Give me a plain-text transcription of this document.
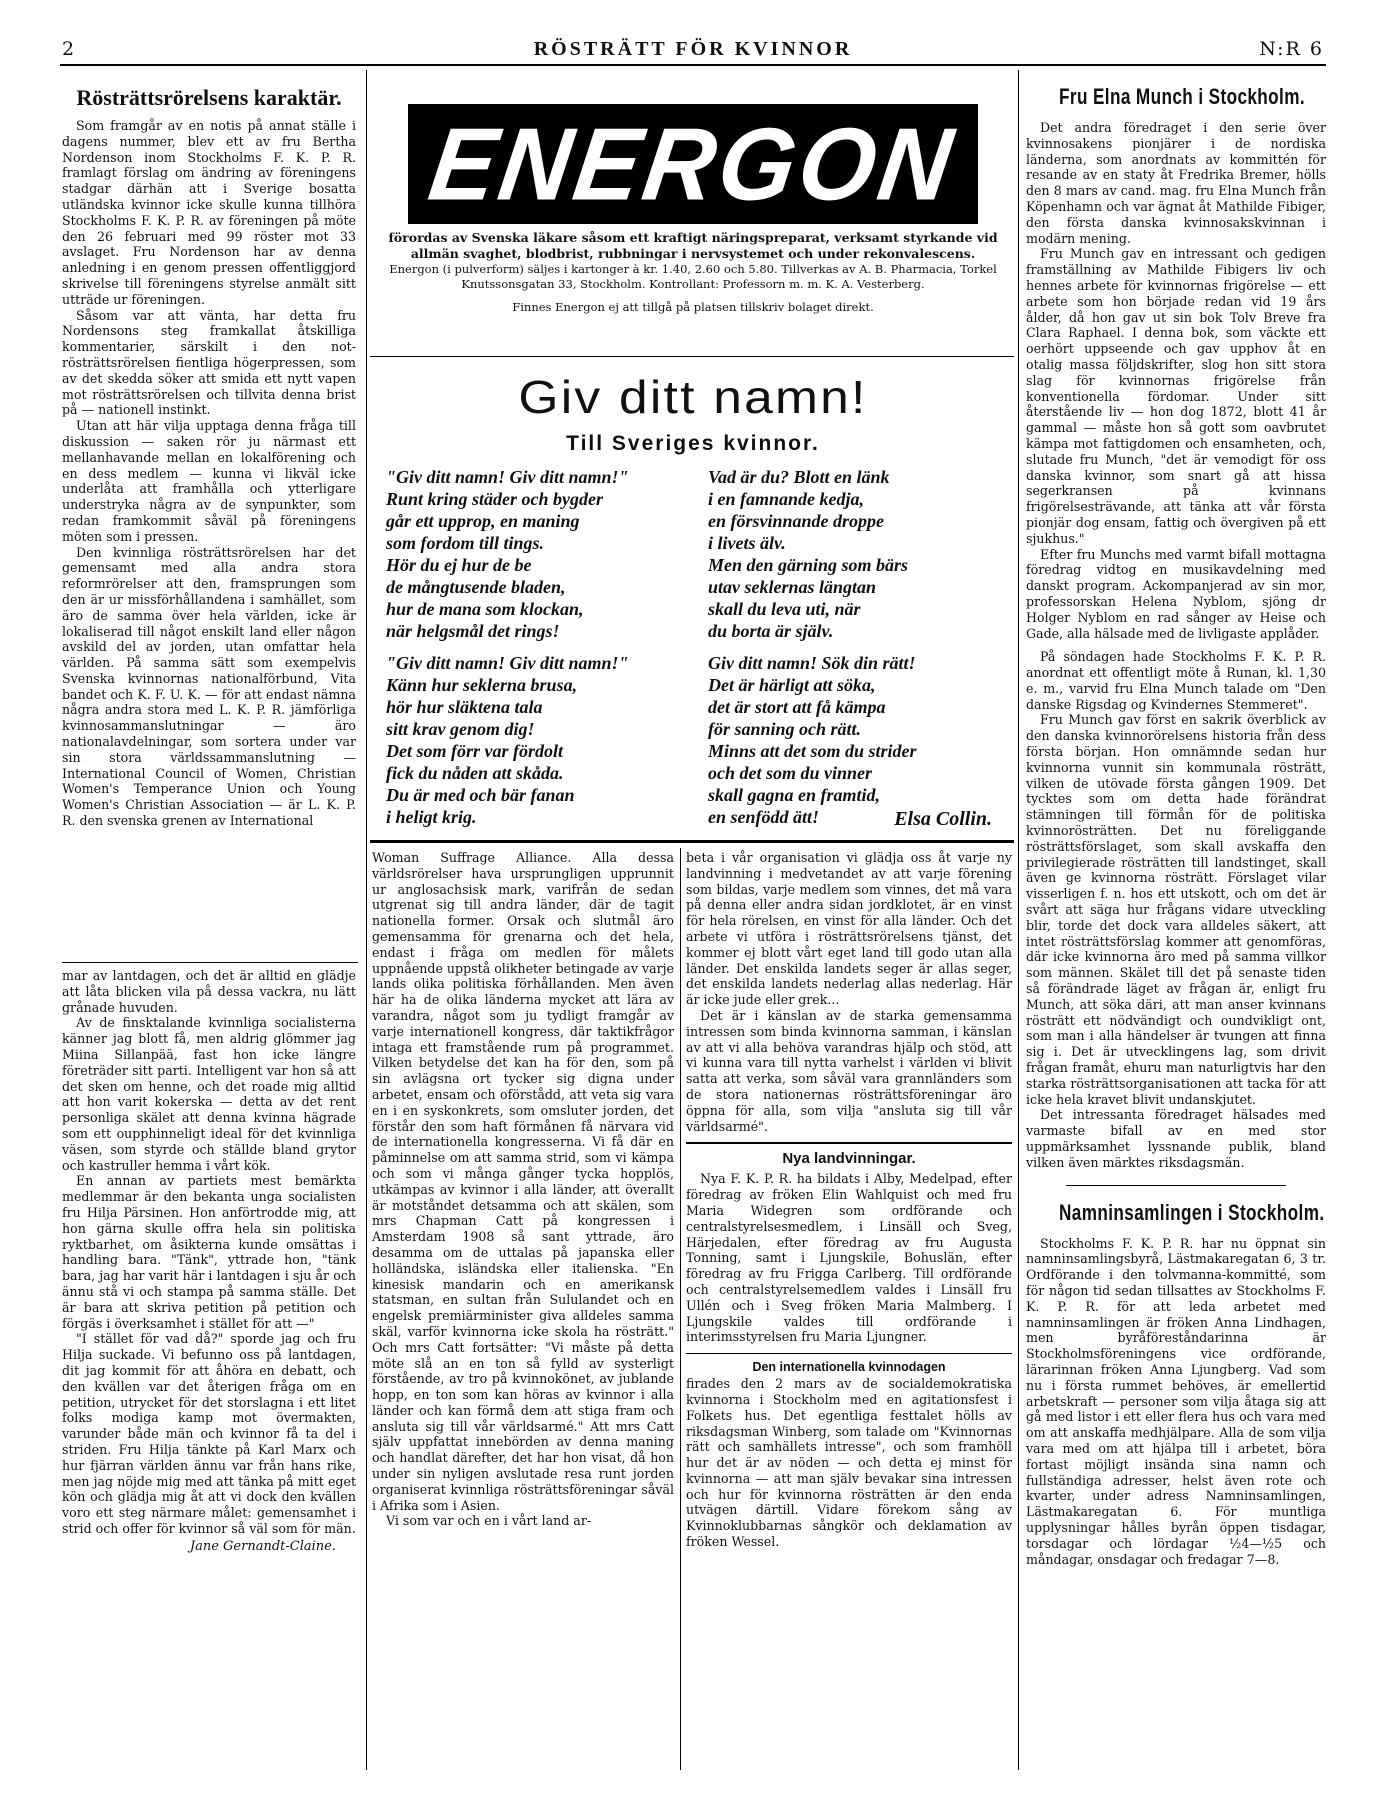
2	RÖSTRÄTT FÖR KVINNOR	N:R 6
Rösträttsrörelsens karaktär.

Som framgår av en notis på annat ställe i dagens nummer, blev ett av fru Bertha Nordenson inom Stockholms F. K. P. R. framlagt förslag om ändring av föreningens stadgar därhän att i Sverige bosatta utländska kvinnor icke skulle kunna tillhöra Stockholms F. K. P. R. av föreningen på möte den 26 februari med 99 röster mot 33 avslaget. Fru Nordenson har av denna anledning i en genom pressen offentliggjord skrivelse till föreningens styrelse anmält sitt utträde ur föreningen.

Såsom var att vänta, har detta fru Nordensons steg framkallat åtskilliga kommentarier, särskilt i den not-rösträttsrörelsen fientliga högerpressen, som av det skedda söker att smida ett nytt vapen mot rösträttsrörelsen och tillvita denna brist på — nationell instinkt.

Utan att här vilja upptaga denna fråga till diskussion — saken rör ju närmast ett mellanhavande mellan en lokalförening och en dess medlem — kunna vi likväl icke underlåta att framhålla och ytterligare understryka några av de synpunkter, som redan framkommit såväl på föreningens möten som i pressen.

Den kvinnliga rösträttsrörelsen har det gemensamt med alla andra stora reformrörelser att den, framsprungen som den är ur missförhållandena i samhället, som äro de samma över hela världen, icke är lokaliserad till något enskilt land eller någon avskild del av jorden, utan omfattar hela världen. På samma sätt som exempelvis Svenska kvinnornas nationalförbund, Vita bandet och K. F. U. K. — för att endast nämna några andra stora med L. K. P. R. jämförliga kvinnosammanslutningar — äro nationalavdelningar, som sortera under var sin stora världssammanslutning — International Council of Women, Christian Women's Temperance Union och Young Women's Christian Association — är L. K. P. R. den svenska grenen av International

mar av lantdagen, och det är alltid en glädje att låta blicken vila på dessa vackra, nu lätt grånade huvuden.

Av de finsktalande kvinnliga socialisterna känner jag blott få, men aldrig glömmer jag Miina Sillanpää, fast hon icke längre företräder sitt parti. Intelligent var hon så att det sken om henne, och det roade mig alltid att hon varit kokerska — detta av det rent personliga skälet att denna kvinna hägrade som ett oupphinneligt ideal för det kvinnliga väsen, som styrde och ställde bland grytor och kastruller hemma i vårt kök.

En annan av partiets mest bemärkta medlemmar är den bekanta unga socialisten fru Hilja Pärsinen. Hon anförtrodde mig, att hon gärna skulle offra hela sin politiska ryktbarhet, om åsikterna kunde omsättas i handling bara. "Tänk", yttrade hon, "tänk bara, jag har varit här i lantdagen i sju år och ännu stå vi och stampa på samma ställe. Det är bara att skriva petition på petition och förgäs i överksamhet i stället för att —"

"I stället för vad då?" sporde jag och fru Hilja suckade. Vi befunno oss på lantdagen, dit jag kommit för att åhöra en debatt, och den kvällen var det återigen fråga om en petition, utrycket för det storslagna i ett litet folks modiga kamp mot övermakten, varunder både män och kvinnor få ta del i striden. Fru Hilja tänkte på Karl Marx och hur fjärran världen ännu var från hans rike, men jag nöjde mig med att tänka på mitt eget kön och glädja mig åt att vi dock den kvällen voro ett steg närmare målet: gemensamhet i strid och offer för kvinnor så väl som för män.

Jane Gernandt-Claine.
ENERGON
förordas av Svenska läkare såsom ett kraftigt näringspreparat, verksamt styrkande vid allmän svaghet, blodbrist, rubbningar i nervsystemet och under rekonvalescens.
Energon (i pulverform) säljes i kartonger à kr. 1.40, 2.60 och 5.80. Tillverkas av A. B. Pharmacia, Torkel Knutssonsgatan 33, Stockholm. Kontrollant: Professorn m. m. K. A. Vesterberg.
Finnes Energon ej att tillgå på platsen tillskriv bolaget direkt.
Giv ditt namn!
Till Sveriges kvinnor.
"Giv ditt namn! Giv ditt namn!"
Runt kring städer och bygder
går ett upprop, en maning
som fordom till tings.
Hör du ej hur de be
de mångtusende bladen,
hur de mana som klockan,
när helgsmål det rings!
Vad är du? Blott en länk
i en famnande kedja,
en försvinnande droppe
i livets älv.
Men den gärning som bärs
utav seklernas längtan
skall du leva uti, när
du borta är själv.
"Giv ditt namn! Giv ditt namn!"
Känn hur seklerna brusa,
hör hur släktena tala
sitt krav genom dig!
Det som förr var fördolt
fick du nåden att skåda.
Du är med och bär fanan
i heligt krig.
Giv ditt namn! Sök din rätt!
Det är härligt att söka,
det är stort att få kämpa
för sanning och rätt.
Minns att det som du strider
och det som du vinner
skall gagna en framtid,
en senfödd ätt!	Elsa Collin.

Woman Suffrage Alliance. Alla dessa världsrörelser hava ursprungligen upprunnit ur anglosachsisk mark, varifrån de sedan utgrenat sig till andra länder, där de tagit nationella former. Orsak och slutmål äro gemensamma för grenarna och det hela, endast i fråga om medlen för målets uppnående uppstå olikheter betingade av varje lands olika politiska förhållanden. Men även här ha de olika länderna mycket att lära av varandra, något som ju tydligt framgår av varje internationell kongress, där taktikfrågor intaga ett framstående rum på programmet. Vilken betydelse det kan ha för den, som på sin avlägsna ort tycker sig digna under arbetet, ensam och oförstådd, att veta sig vara en i en syskonkrets, som omsluter jorden, det förstår den som haft förmånen få närvara vid de internationella kongresserna. Vi få där en påminnelse om att samma strid, som vi kämpa och som vi många gånger tycka hopplös, utkämpas av kvinnor i alla länder, att överallt är motståndet detsamma och att skälen, som mrs Chapman Catt på kongressen i Amsterdam 1908 så sant yttrade, äro desamma om de uttalas på japanska eller holländska, isländska eller italienska. "En kinesisk mandarin och en amerikansk statsman, en sultan från Sululandet och en engelsk premiärminister giva alldeles samma skäl, varför kvinnorna icke skola ha rösträtt." Och mrs Catt fortsätter: "Vi måste på detta möte slå an en ton så fylld av systerligt förstående, av tro på kvinnokönet, av jublande hopp, en ton som kan höras av kvinnor i alla länder och kan förmå dem att stiga fram och ansluta sig till vår världsarmé." Att mrs Catt själv uppfattat innebörden av denna maning och handlat därefter, det har hon visat, då hon under sin nyligen avslutade resa runt jorden organiserat kvinnliga rösträttsföreningar såväl i Afrika som i Asien.

Vi som var och en i vårt land ar-

beta i vår organisation vi glädja oss åt varje ny landvinning i medvetandet av att varje förening som bildas, varje medlem som vinnes, det må vara på denna eller andra sidan jordklotet, är en vinst för hela rörelsen, en vinst för alla länder. Och det arbete vi utföra i rösträttsrörelsens tjänst, det kommer ej blott vårt eget land till godo utan alla länder. Det enskilda landets seger är allas seger, det enskilda landets nederlag allas nederlag. Här är icke jude eller grek...

Det är i känslan av de starka gemensamma intressen som binda kvinnorna samman, i känslan av att vi alla behöva varandras hjälp och stöd, att vi kunna vara till nytta varhelst i världen vi blivit satta att verka, som såväl vara grannländers som de stora nationernas rösträttsföreningar äro öppna för alla, som vilja "ansluta sig till vår världsarmé".

Nya landvinningar.

Nya F. K. P. R. ha bildats i Alby, Medelpad, efter föredrag av fröken Elin Wahlquist och med fru Maria Widegren som ordförande och centralstyrelsesmedlem, i Linsäll och Sveg, Härjedalen, efter föredrag av fru Augusta Tonning, samt i Ljungskile, Bohuslän, efter föredrag av fru Frigga Carlberg. Till ordförande och centralstyrelsemedlem valdes i Linsäll fru Ullén och i Sveg fröken Maria Malmberg. I Ljungskile valdes till ordförande i interimsstyrelsen fru Maria Ljungner.

Den internationella kvinnodagen

firades den 2 mars av de socialdemokratiska kvinnorna i Stockholm med en agitationsfest i Folkets hus. Det egentliga festtalet hölls av riksdagsman Winberg, som talade om "Kvinnornas rätt och samhällets intresse", och som framhöll hur det är av nöden — och detta ej minst för kvinnorna — att man själv bevakar sina intressen och hur för kvinnorna rösträtten är den enda utvägen därtill. Vidare förekom sång av Kvinnoklubbarnas sångkör och deklamation av fröken Wessel.

Fru Elna Munch i Stockholm.

Det andra föredraget i den serie över kvinnosakens pionjärer i de nordiska länderna, som anordnats av kommittén för resande av en staty åt Fredrika Bremer, hölls den 8 mars av cand. mag. fru Elna Munch från Köpenhamn och var ägnat åt Mathilde Fibiger, den första danska kvinnosakskvinnan i modärn mening.

Fru Munch gav en intressant och gedigen framställning av Mathilde Fibigers liv och hennes arbete för kvinnornas frigörelse — ett arbete som hon började redan vid 19 års ålder, då hon gav ut sin bok Tolv Breve fra Clara Raphael. I denna bok, som väckte ett oerhört uppseende och gav upphov åt en otalig massa följdskrifter, slog hon sitt stora slag för kvinnornas frigörelse från konventionella fördomar. Under sitt återstående liv — hon dog 1872, blott 41 år gammal — måste hon så gott som oavbrutet kämpa mot fattigdomen och ensamheten, och, slutade fru Munch, "det är vemodigt för oss danska kvinnor, som snart gå att hissa segerkransen på kvinnans frigörelsesträvande, att tänka att vår första pionjär dog ensam, fattig och övergiven på ett sjukhus."

Efter fru Munchs med varmt bifall mottagna föredrag vidtog en musikavdelning med danskt program. Ackompanjerad av sin mor, professorskan Helena Nyblom, sjöng dr Holger Nyblom en rad sånger av Heise och Gade, alla hälsade med de livligaste applåder.

På söndagen hade Stockholms F. K. P. R. anordnat ett offentligt möte å Runan, kl. 1,30 e. m., varvid fru Elna Munch talade om "Den danske Rigsdag og Kvindernes Stemmeret".

Fru Munch gav först en sakrik överblick av den danska kvinnorörelsens historia från dess första början. Hon omnämnde sedan hur kvinnorna vunnit sin kommunala rösträtt, vilken de utövade första gången 1909. Det tycktes som om detta hade förändrat stämningen till förmån för de politiska kvinnorösträtten. Det nu föreliggande rösträttsförslaget, som skall avskaffa den privilegierade rösträtten till landstinget, skall även ge kvinnorna rösträtt. Förslaget vilar visserligen f. n. hos ett utskott, och om det är svårt att säga hur frågans vidare utveckling blir, torde det dock vara alldeles säkert, att intet rösträttsförslag kommer att genomföras, där icke kvinnorna äro med på samma villkor som männen. Skälet till det på senaste tiden så förändrade läget av frågan är, enligt fru Munch, att söka däri, att man anser kvinnans rösträtt ett nödvändigt och oundvikligt ont, som man i alla händelser är tvungen att finna sig i. Det är utvecklingens lag, som drivit frågan framåt, ehuru man naturligtvis har den starka rösträttsorganisationen att tacka för att icke hela kravet blivit undanskjutet.

Det intressanta föredraget hälsades med varmaste bifall av en med stor uppmärksamhet lyssnande publik, bland vilken även märktes riksdagsmän.

Namninsamlingen i Stockholm.

Stockholms F. K. P. R. har nu öppnat sin namninsamlingsbyrå, Lästmakaregatan 6, 3 tr. Ordförande i den tolvmanna-kommitté, som för någon tid sedan tillsattes av Stockholms F. K. P. R. för att leda arbetet med namninsamlingen är fröken Anna Lindhagen, men byråföreståndarinna är Stockholmsföreningens vice ordförande, lärarinnan fröken Anna Ljungberg. Vad som nu i första rummet behöves, är emellertid arbetskraft — personer som vilja åtaga sig att gå med listor i ett eller flera hus och vara med om att anskaffa medhjälpare. Alla de som vilja vara med om att hjälpa till i arbetet, böra fortast möjligt insända sina namn och fullständiga adresser, helst även rote och kvarter, under adress Namninsamlingen, Lästmakaregatan 6. För muntliga upplysningar hålles byrån öppen tisdagar, torsdagar och lördagar ½4—½5 och måndagar, onsdagar och fredagar 7—8.
